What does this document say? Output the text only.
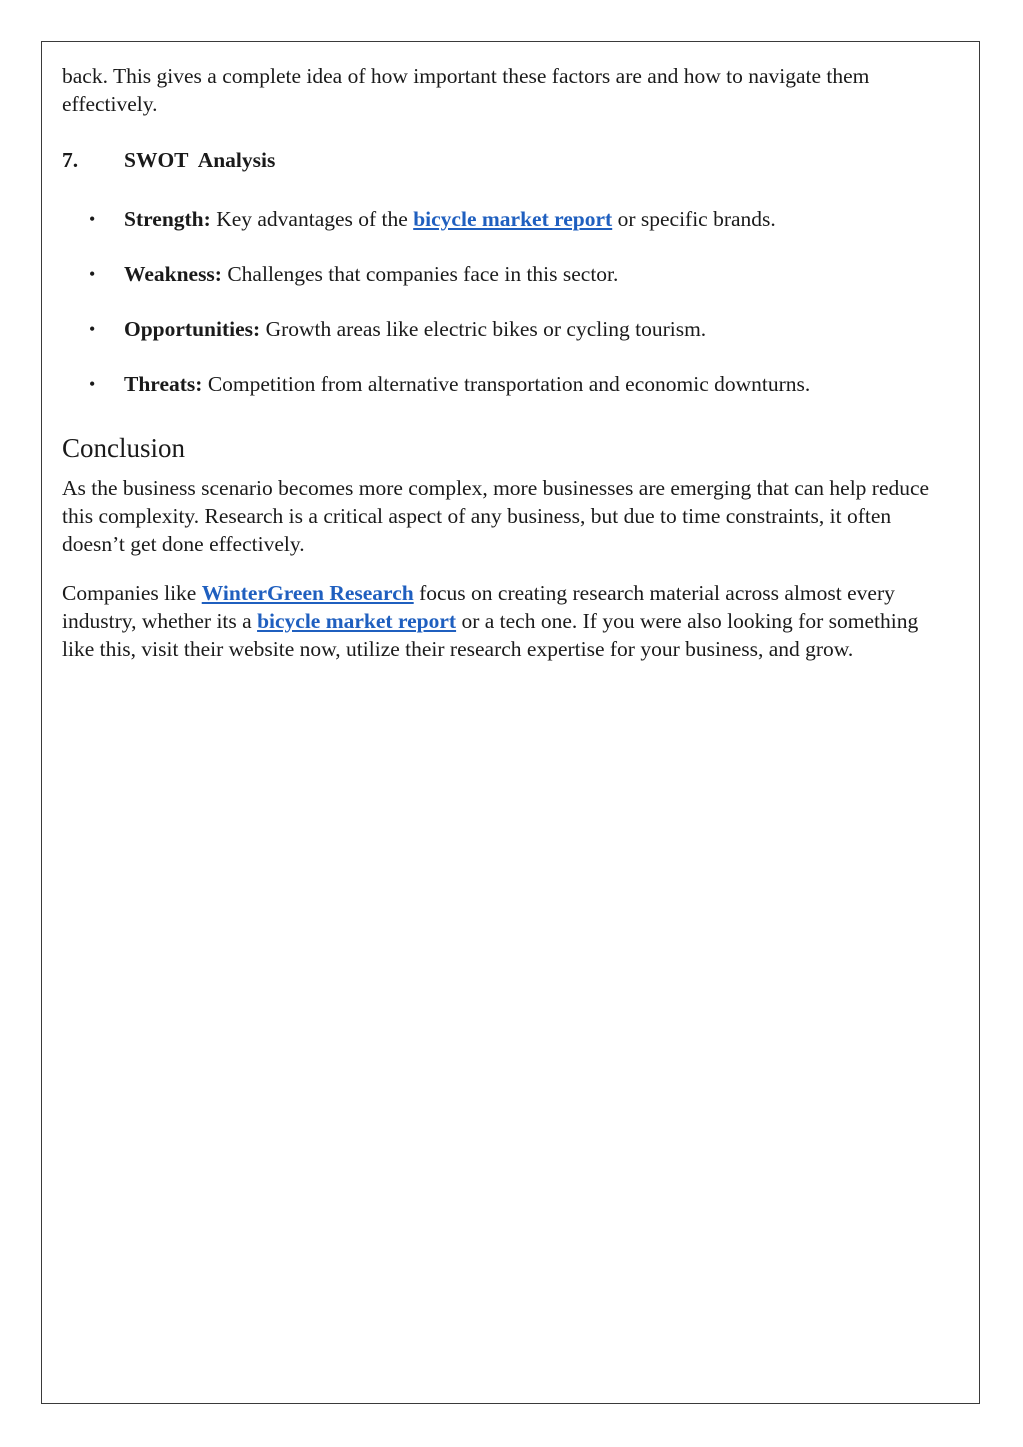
back. This gives a complete idea of how important these factors are and how to navigate them effectively.

7. SWOT  Analysis
• Strength: Key advantages of the bicycle market report or specific brands.
• Weakness: Challenges that companies face in this sector.
• Opportunities: Growth areas like electric bikes or cycling tourism.
• Threats: Competition from alternative transportation and economic downturns.
Conclusion

As the business scenario becomes more complex, more businesses are emerging that can help reduce this complexity. Research is a critical aspect of any business, but due to time constraints, it often doesn’t get done effectively.

Companies like WinterGreen Research focus on creating research material across almost every industry, whether its a bicycle market report or a tech one. If you were also looking for something like this, visit their website now, utilize their research expertise for your business, and grow.
